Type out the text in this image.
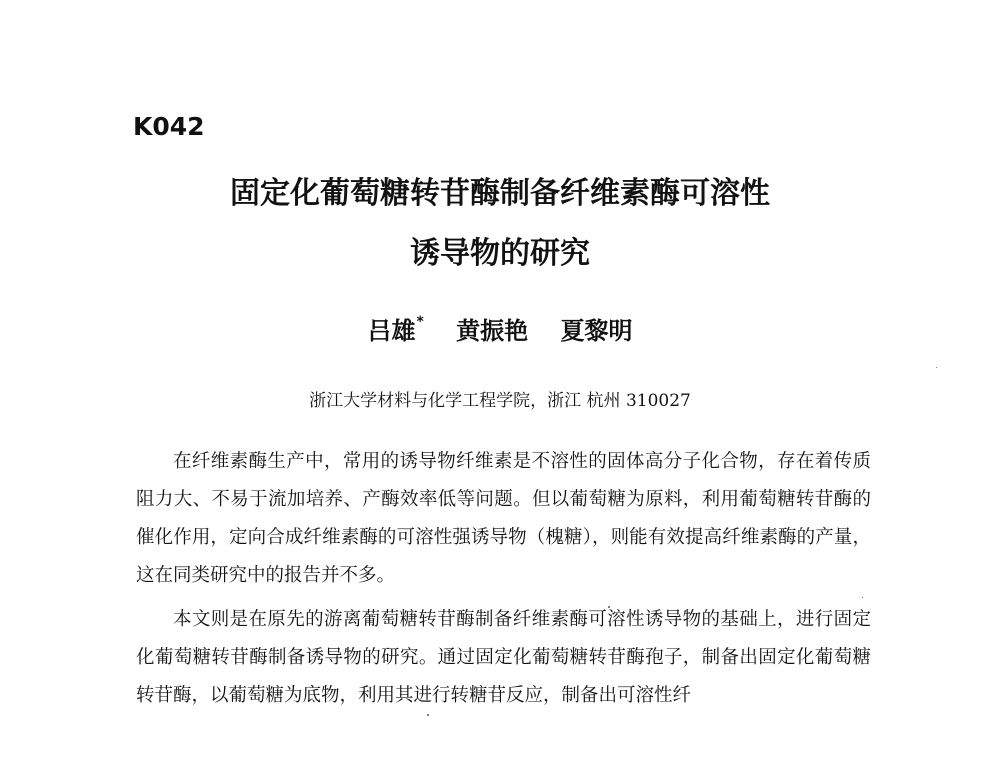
K042
固定化葡萄糖转苷酶制备纤维素酶可溶性
诱导物的研究
吕雄* 黄振艳 夏黎明
浙江大学材料与化学工程学院，浙江 杭州 310027

在纤维素酶生产中，常用的诱导物纤维素是不溶性的固体高分子化合物，存在着传质阻力大、不易于流加培养、产酶效率低等问题。但以葡萄糖为原料，利用葡萄糖转苷酶的催化作用，定向合成纤维素酶的可溶性强诱导物（槐糖），则能有效提高纤维素酶的产量，这在同类研究中的报告并不多。

本文则是在原先的游离葡萄糖转苷酶制备纤维素酶可溶性诱导物的基础上，进行固定化葡萄糖转苷酶制备诱导物的研究。通过固定化葡萄糖转苷酶孢子，制备出固定化葡萄糖转苷酶，以葡萄糖为底物，利用其进行转糖苷反应，制备出可溶性纤
